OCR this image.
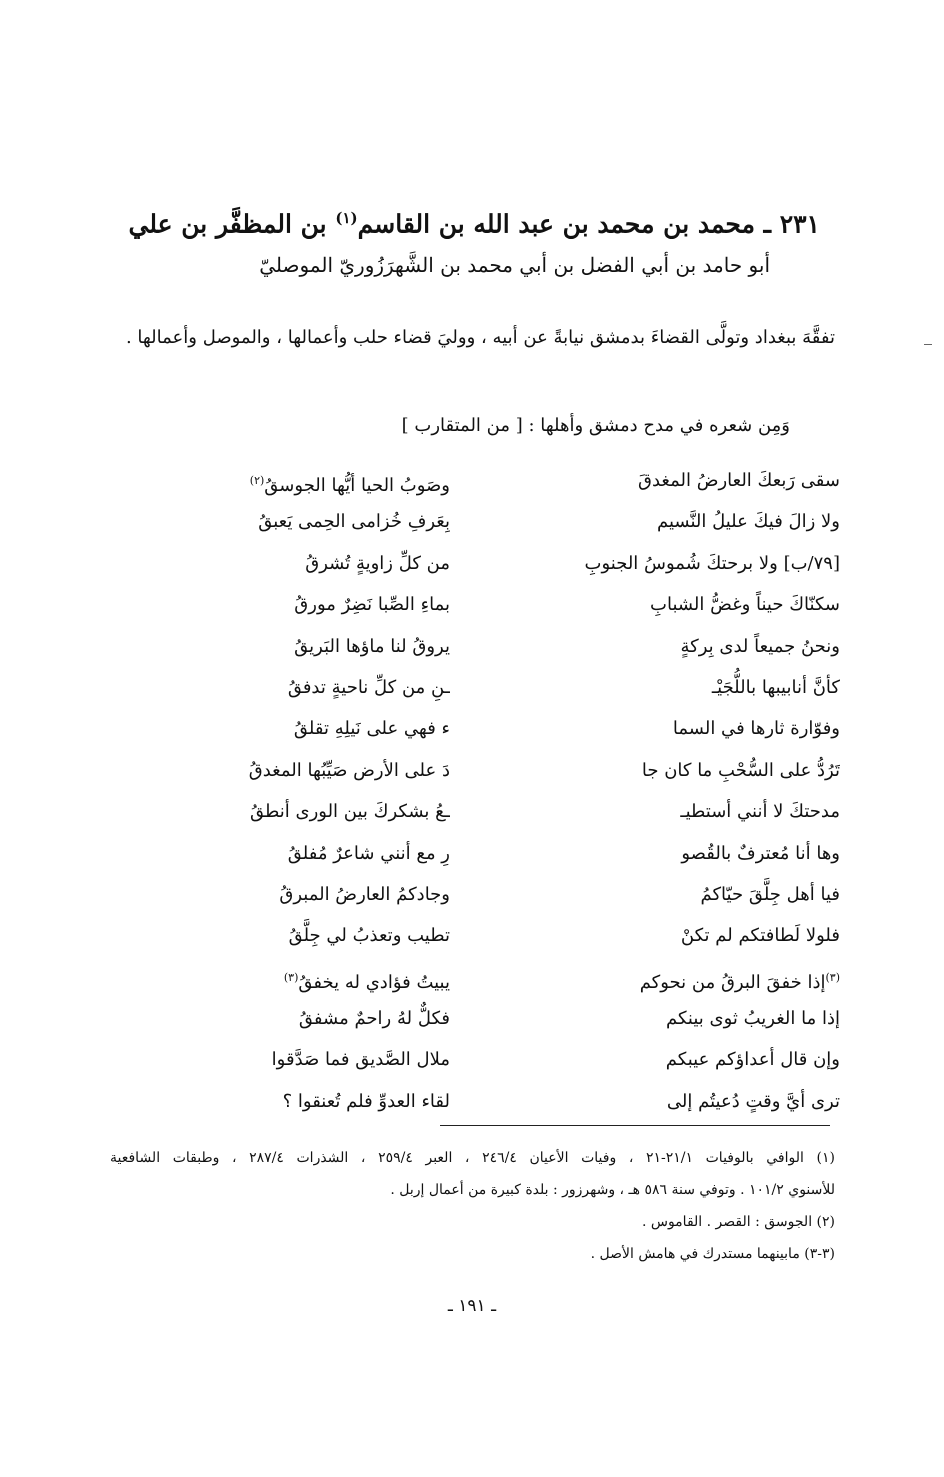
٢٣١ ـ محمد بن محمد بن عبد الله بن القاسم$^{(١)}$ بن المظفَّر بن علي
أبو حامد بن أبي الفضل بن أبي محمد بن الشَّهرَزُوريّ الموصليّ
تفقَّهَ ببغداد وتولَّى القضاءَ بدمشق نيابةً عن أبيه ، ووليَ قضاء حلب وأعمالها ، والموصل وأعمالها .
وَمِن شعره في مدح دمشق وأهلها : [ من المتقارب ]
سقى رَبعكَ العارضُ المغدقَ
وصَوبُ الحيا أيُّها الجوسقُ$^{(٢)}$
ولا زالَ فيكَ عليلُ النَّسيم
بِعَرفِ خُزامى الحِمى يَعبقُ
[٧٩/ب] ولا برحتكَ شُموسُ الجنوبِ
من كلِّ زاويةٍ تُشرقُ
سكنّاكَ حيناً وغضُّ الشبابِ
بماءِ الصِّبا نَضِرٌ مورقُ
ونحنُ جميعاً لدى بِركةٍ
يروقُ لنا ماؤها البَريقُ
كأنَّ أنابيبها باللُّجَيْـ
ـنِ من كلِّ ناحيةٍ تدفقُ
وفوّارة ثارها في السما
ء فهي على نَيلِهِ تقلقُ
تَرُدُّ على السُّحْبِ ما كان جا
دَ على الأرض صَيِّبُها المغدقُ
مدحتكَ لا أنني أستطيـ
ـعُ بشكركَ بين الورى أنطقُ
وها أنا مُعترفٌ بالقُصو
رِ مع أنني شاعرٌ مُفلقُ
فيا أهل جِلَّقَ حيّاكمُ
وجادكمُ العارضُ المبرقُ
فلولا لَطافتكم لم تكنْ
تطيب وتعذبُ لي جِلَّقُ
$^{(٣)}$إذا خفقَ البرقُ من نحوكم
يبيتُ فؤادي له يخفقُ$^{(٣)}$
إذا ما الغريبُ ثوى بينكم
فكلٌّ لهُ راحمٌ مشفقُ
وإن قال أعداؤكم عيبكم
ملال الصَّديق فما صَدَّقوا
ترى أيَّ وقتٍ دُعيتُم إلى
لقاء العدوِّ فلم تُعنقوا ؟
(١) الوافي بالوفيات ٢١/١-٢١ ، وفيات الأعيان ٢٤٦/٤ ، العبر ٢٥٩/٤ ، الشذرات ٢٨٧/٤ ، وطبقات الشافعية
للأسنوي ١٠١/٢ . وتوفي سنة ٥٨٦ هـ ، وشهرزور : بلدة كبيرة من أعمال إربل .
(٢) الجوسق : القصر . القاموس .
(٣-٣) مابينهما مستدرك في هامش الأصل .
ـ ١٩١ ـ
